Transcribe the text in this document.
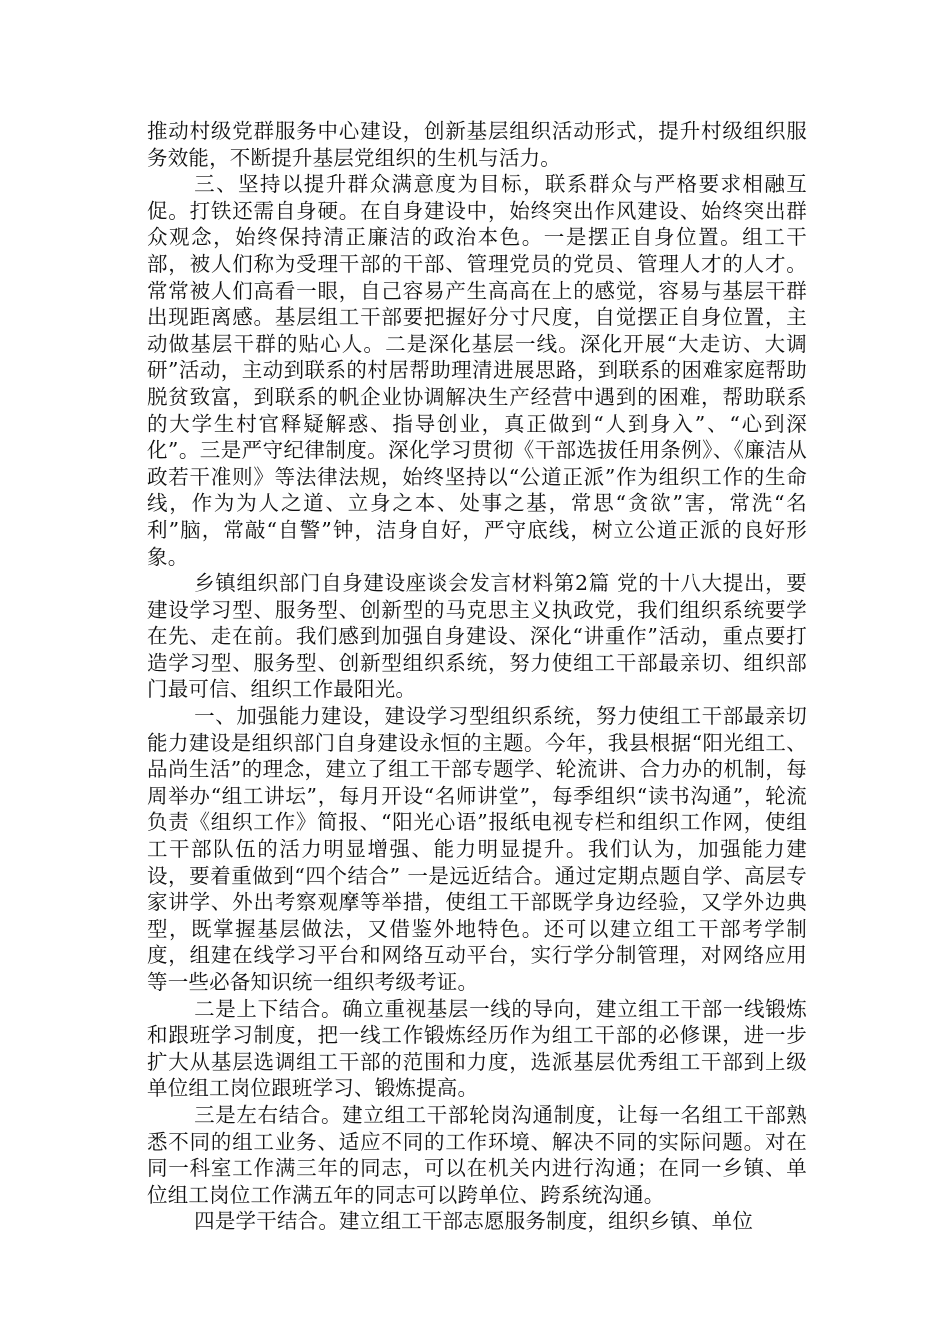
推动村级党群服务中心建设，创新基层组织活动形式，提升村级组织服务效能，不断提升基层党组织的生机与活力。

三、坚持以提升群众满意度为目标，联系群众与严格要求相融互促。打铁还需自身硬。在自身建设中，始终突出作风建设、始终突出群众观念，始终保持清正廉洁的政治本色。一是摆正自身位置。组工干部，被人们称为受理干部的干部、管理党员的党员、管理人才的人才。常常被人们高看一眼，自己容易产生高高在上的感觉，容易与基层干群出现距离感。基层组工干部要把握好分寸尺度，自觉摆正自身位置，主动做基层干群的贴心人。二是深化基层一线。深化开展“大走访、大调研”活动，主动到联系的村居帮助理清进展思路，到联系的困难家庭帮助脱贫致富，到联系的帆企业协调解决生产经营中遇到的困难，帮助联系的大学生村官释疑解惑、指导创业，真正做到“人到身入”、“心到深化”。三是严守纪律制度。深化学习贯彻《干部选拔任用条例》、《廉洁从政若干准则》等法律法规，始终坚持以“公道正派”作为组织工作的生命线，作为为人之道、立身之本、处事之基，常思“贪欲”害，常洗“名利”脑，常敲“自警”钟，洁身自好，严守底线，树立公道正派的良好形象。

乡镇组织部门自身建设座谈会发言材料第2篇 党的十八大提出，要建设学习型、服务型、创新型的马克思主义执政党，我们组织系统要学在先、走在前。我们感到加强自身建设、深化“讲重作”活动，重点要打造学习型、服务型、创新型组织系统，努力使组工干部最亲切、组织部门最可信、组织工作最阳光。

一、加强能力建设，建设学习型组织系统，努力使组工干部最亲切 能力建设是组织部门自身建设永恒的主题。今年，我县根据“阳光组工、品尚生活”的理念，建立了组工干部专题学、轮流讲、合力办的机制，每周举办“组工讲坛”，每月开设“名师讲堂”，每季组织“读书沟通”，轮流负责《组织工作》简报、“阳光心语”报纸电视专栏和组织工作网，使组工干部队伍的活力明显增强、能力明显提升。我们认为，加强能力建设，要着重做到“四个结合” 一是远近结合。通过定期点题自学、高层专家讲学、外出考察观摩等举措，使组工干部既学身边经验，又学外边典型，既掌握基层做法，又借鉴外地特色。还可以建立组工干部考学制度，组建在线学习平台和网络互动平台，实行学分制管理，对网络应用等一些必备知识统一组织考级考证。

二是上下结合。确立重视基层一线的导向，建立组工干部一线锻炼和跟班学习制度，把一线工作锻炼经历作为组工干部的必修课，进一步扩大从基层选调组工干部的范围和力度，选派基层优秀组工干部到上级单位组工岗位跟班学习、锻炼提高。

三是左右结合。建立组工干部轮岗沟通制度，让每一名组工干部熟悉不同的组工业务、适应不同的工作环境、解决不同的实际问题。对在同一科室工作满三年的同志，可以在机关内进行沟通；在同一乡镇、单位组工岗位工作满五年的同志可以跨单位、跨系统沟通。

四是学干结合。建立组工干部志愿服务制度，组织乡镇、单位
